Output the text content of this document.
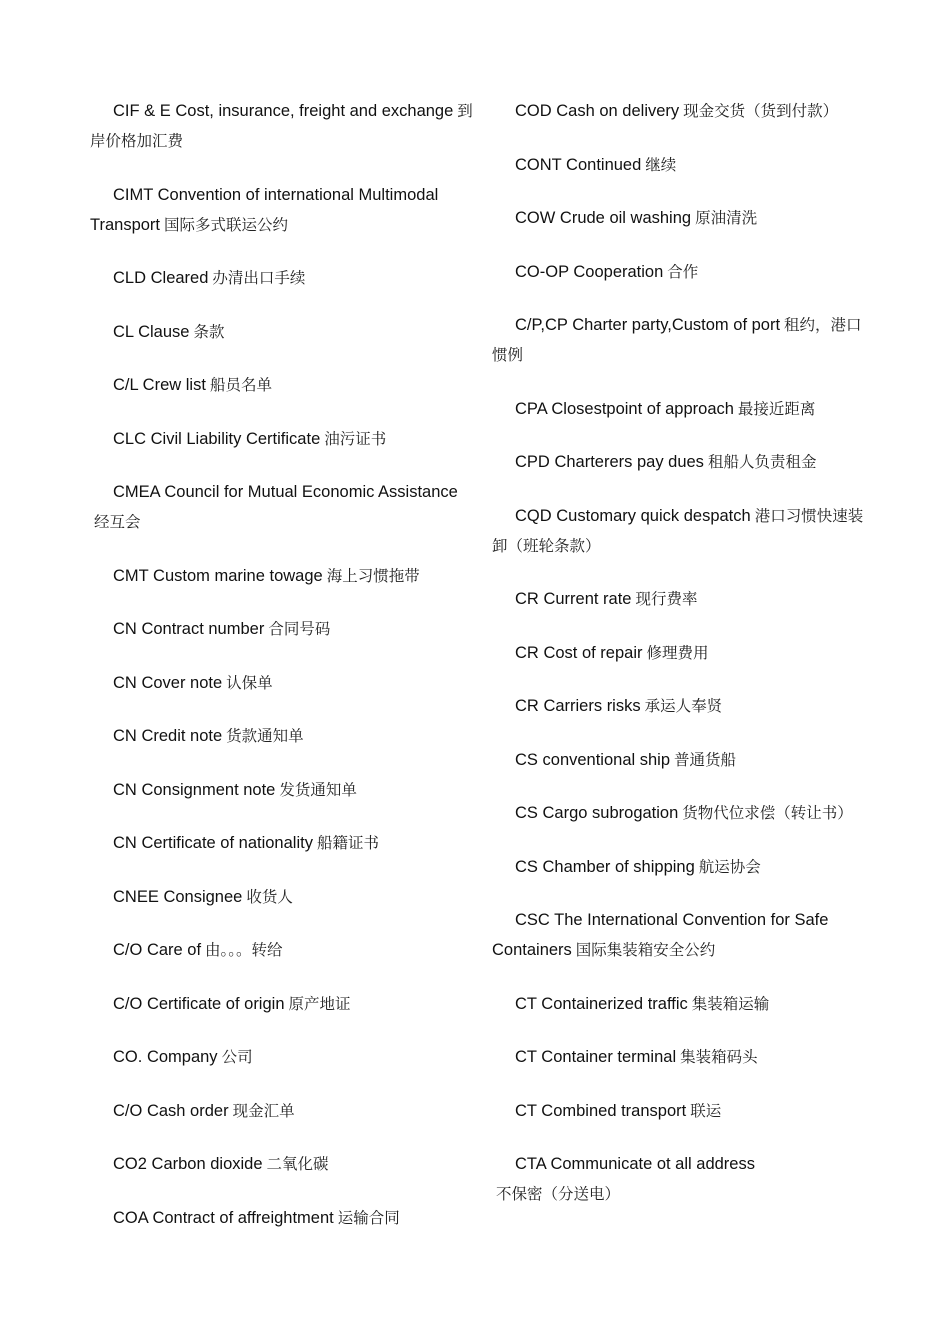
CIF & E Cost, insurance, freight and exchange 到岸价格加汇费

CIMT Convention of international Multimodal Transport 国际多式联运公约

CLD Cleared 办清出口手续

CL Clause 条款

C/L Crew list 船员名单

CLC Civil Liability Certificate 油污证书

CMEA Council for Mutual Economic Assistance经互会

CMT Custom marine towage 海上习惯拖带

CN Contract number 合同号码

CN Cover note 认保单

CN Credit note 货款通知单

CN Consignment note 发货通知单

CN Certificate of nationality 船籍证书

CNEE Consignee 收货人

C/O Care of 由。。。转给

C/O Certificate of origin 原产地证

CO. Company 公司

C/O Cash order 现金汇单

CO2 Carbon dioxide 二氧化碳

COA Contract of affreightment 运输合同

COD Cash on delivery 现金交货（货到付款）

CONT Continued 继续

COW Crude oil washing 原油清洗

CO-OP Cooperation 合作

C/P,CP Charter party,Custom of port 租约，港口惯例

CPA Closestpoint of approach 最接近距离

CPD Charterers pay dues 租船人负责租金

CQD Customary quick despatch 港口习惯快速装卸（班轮条款）

CR Current rate 现行费率

CR Cost of repair 修理费用

CR Carriers risks 承运人奉贤

CS conventional ship 普通货船

CS Cargo subrogation 货物代位求偿（转让书）

CS Chamber of shipping 航运协会

CSC The International Convention for Safe Containers 国际集装箱安全公约

CT Containerized traffic 集装箱运输

CT Container terminal 集装箱码头

CT Combined transport 联运

CTA Communicate ot all address不保密（分送电）
